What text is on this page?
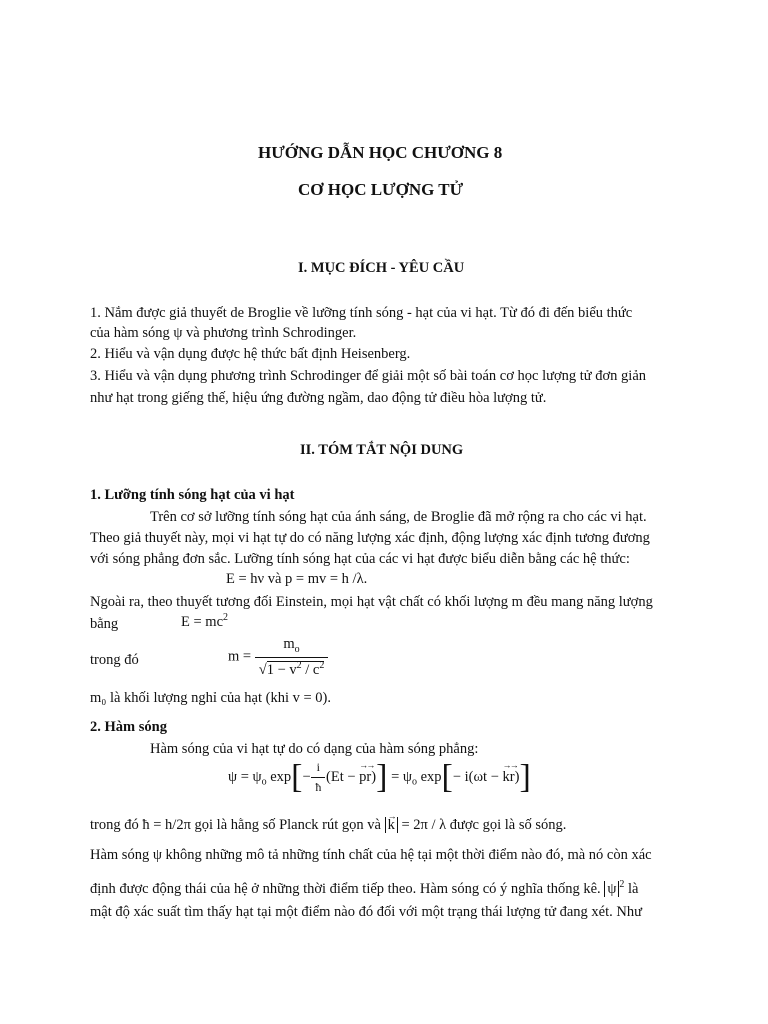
HƯỚNG DẪN HỌC CHƯƠNG 8
CƠ HỌC LƯỢNG TỬ
I. MỤC ĐÍCH - YÊU CẦU
1. Nắm được giả thuyết de Broglie về lưỡng tính sóng - hạt của vi hạt. Từ đó đi đến biểu thức
của hàm sóng ψ và phương trình Schrodinger.
2. Hiểu và vận dụng được hệ thức bất định Heisenberg.
3. Hiểu và vận dụng phương trình Schrodinger để giải một số bài toán cơ học lượng tử đơn giản
như hạt trong giếng thế, hiệu ứng đường ngầm, dao động tử điều hòa lượng tử.
II. TÓM TẮT NỘI DUNG
1. Lưỡng tính sóng hạt của vi hạt
Trên cơ sở lưỡng tính sóng hạt của ánh sáng, de Broglie đã mở rộng ra cho các vi hạt.
Theo giả thuyết này, mọi vi hạt tự do có năng lượng xác định, động lượng xác định tương đương
với sóng phẳng đơn sắc. Lưỡng tính sóng hạt của các vi hạt được biểu diễn bằng các hệ thức:
E = hν và p = mv = h /λ.
Ngoài ra, theo thuyết tương đối Einstein, mọi hạt vật chất có khối lượng m đều mang năng lượng
bằng	$E = mc^2$
trong đó	$m = \frac{m_o}{√1 - v^2 / c^2}$
m₀ là khối lượng nghỉ của hạt (khi v = 0).
2. Hàm sóng
Hàm sóng của vi hạt tự do có dạng của hàm sóng phẳng:
$\psi = \psi_o$ $\exp[- \frac{i}{ħ} (Et - p \to r$ →)] = $\psi_o$ exp[− i(ωt − k →r →)]
trong đó ħ = h/2π gọi là hằng số Planck rút gọn và k → = 2π / λ được gọi là số sóng.
Hàm sóng ψ không những mô tả những tính chất của hệ tại một thời điểm nào đó, mà nó còn xác
định được động thái của hệ ở những thời điểm tiếp theo. Hàm sóng có ý nghĩa thống kê. ψ $^2$ là
mật độ xác suất tìm thấy hạt tại một điểm nào đó đối với một trạng thái lượng tử đang xét. Như
